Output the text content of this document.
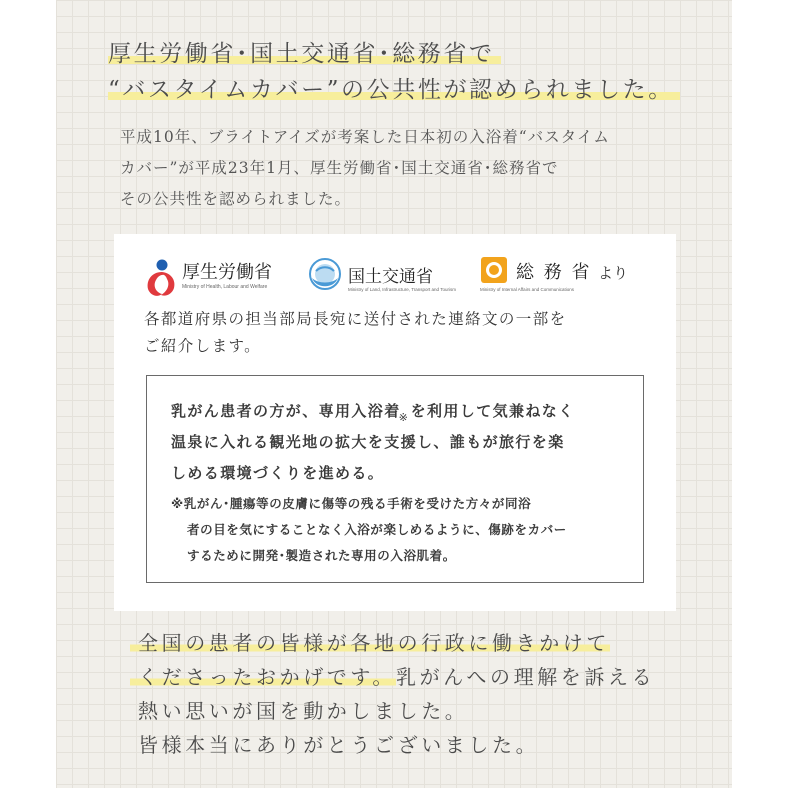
厚生労働省･国土交通省･総務省で
“バスタイムカバー”の公共性が認められました。
平成10年、ブライトアイズが考案した日本初の入浴着“バスタイム
カバー”が平成23年1月、厚生労働省･国土交通省･総務省で
その公共性を認められました。
厚生労働省
Ministry of Health, Labour and Welfare	国土交通省
Ministry of Land, Infrastructure, Transport and Tourism
総 務 省
Ministry of Internal Affairs and Communications
より
各都道府県の担当部局長宛に送付された連絡文の一部を
ご紹介します。
乳がん患者の方が、専用入浴着
※ を利用して気兼ねなく
温泉に入れる観光地の拡大を支援し、誰もが旅行を楽
しめる環境づくりを進める。
※乳がん･腫瘍等の皮膚に傷等の残る手術を受けた方々が同浴
者の目を気にすることなく入浴が楽しめるように、傷跡をカバー
するために開発･製造された専用の入浴肌着。
全国の患者の皆様が各地の行政に働きかけて
くださったおかげです。乳がんへの理解を訴える
熱い思いが国を動かしました。
皆様本当にありがとうございました。
